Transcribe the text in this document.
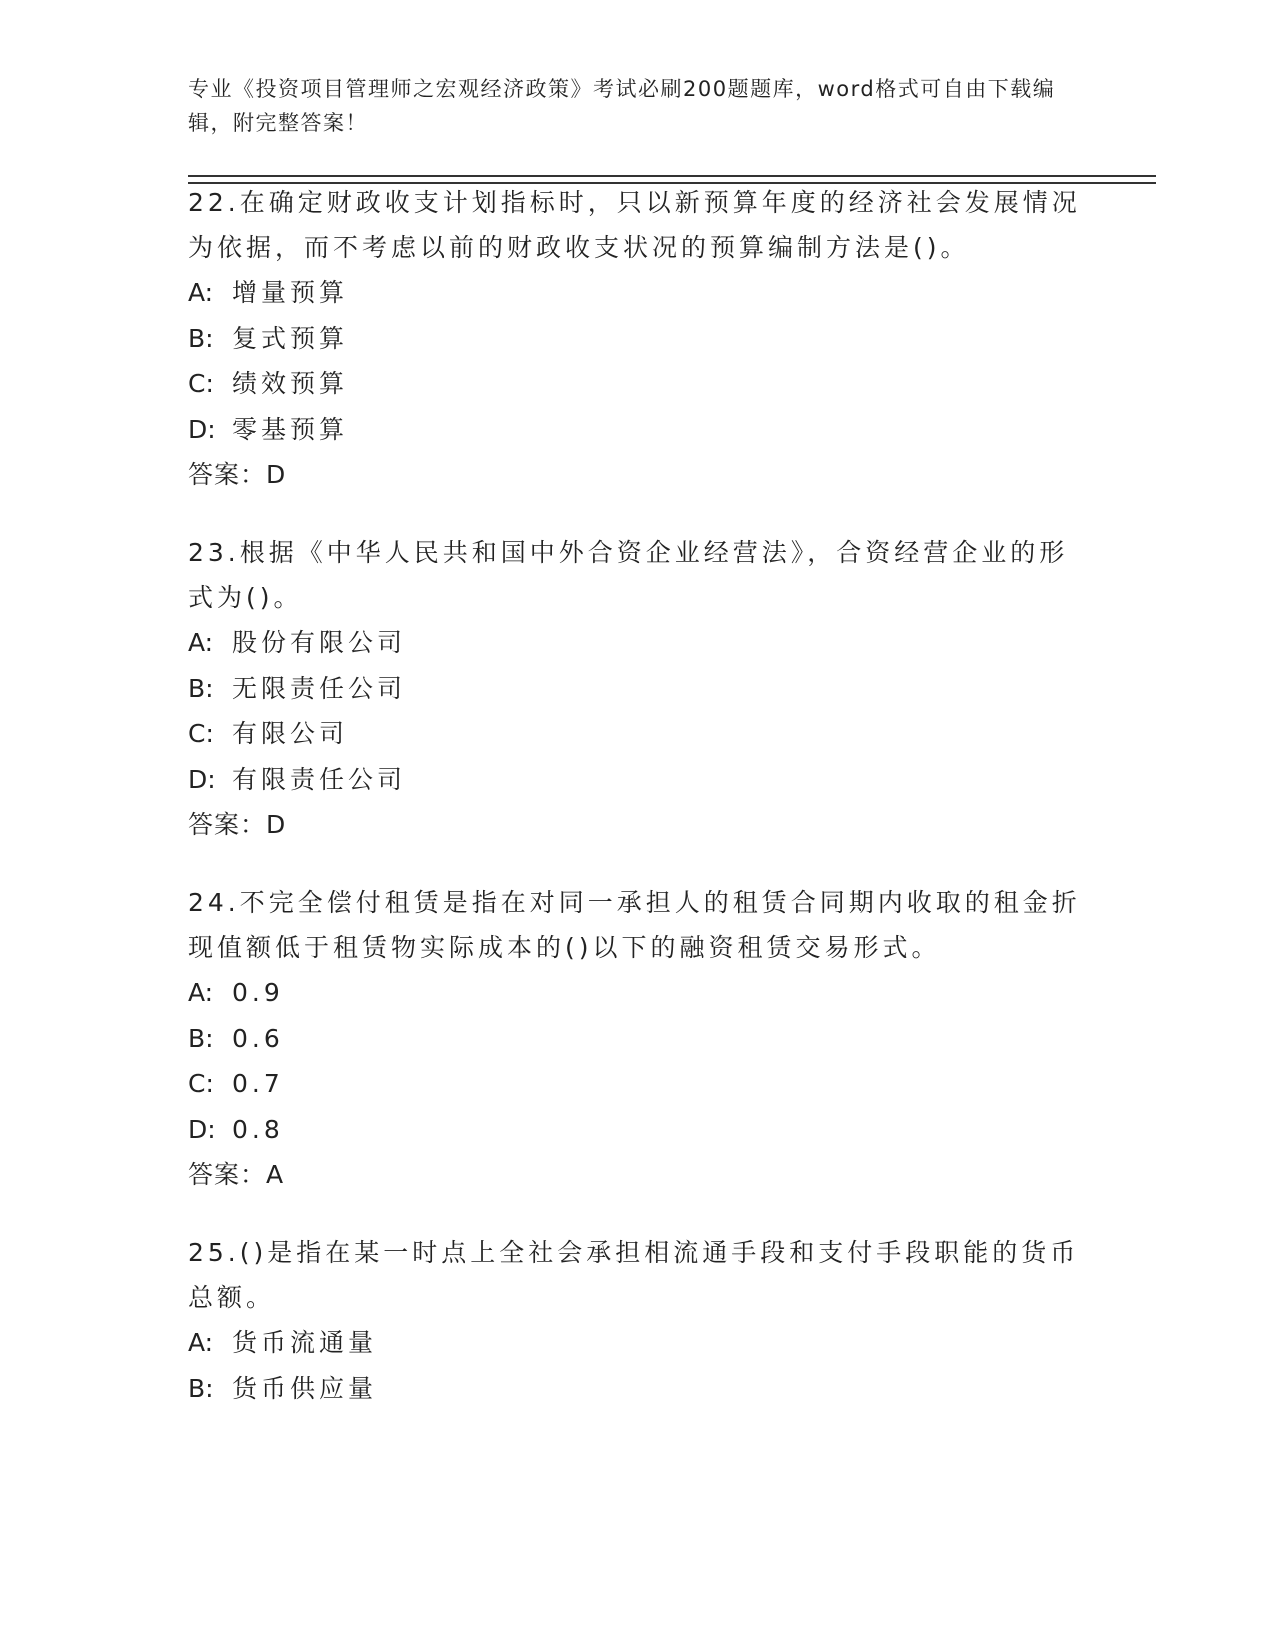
专业《投资项目管理师之宏观经济政策》考试必刷200题题库，word格式可自由下载编辑，附完整答案！

22.在确定财政收支计划指标时，只以新预算年度的经济社会发展情况为依据，而不考虑以前的财政收支状况的预算编制方法是()。

A: 增量预算

B: 复式预算

C: 绩效预算

D: 零基预算

答案：D

23.根据《中华人民共和国中外合资企业经营法》，合资经营企业的形式为()。

A: 股份有限公司

B: 无限责任公司

C: 有限公司

D: 有限责任公司

答案：D

24.不完全偿付租赁是指在对同一承担人的租赁合同期内收取的租金折现值额低于租赁物实际成本的()以下的融资租赁交易形式。

A: 0.9

B: 0.6

C: 0.7

D: 0.8

答案：A

25.()是指在某一时点上全社会承担相流通手段和支付手段职能的货币总额。

A: 货币流通量

B: 货币供应量
